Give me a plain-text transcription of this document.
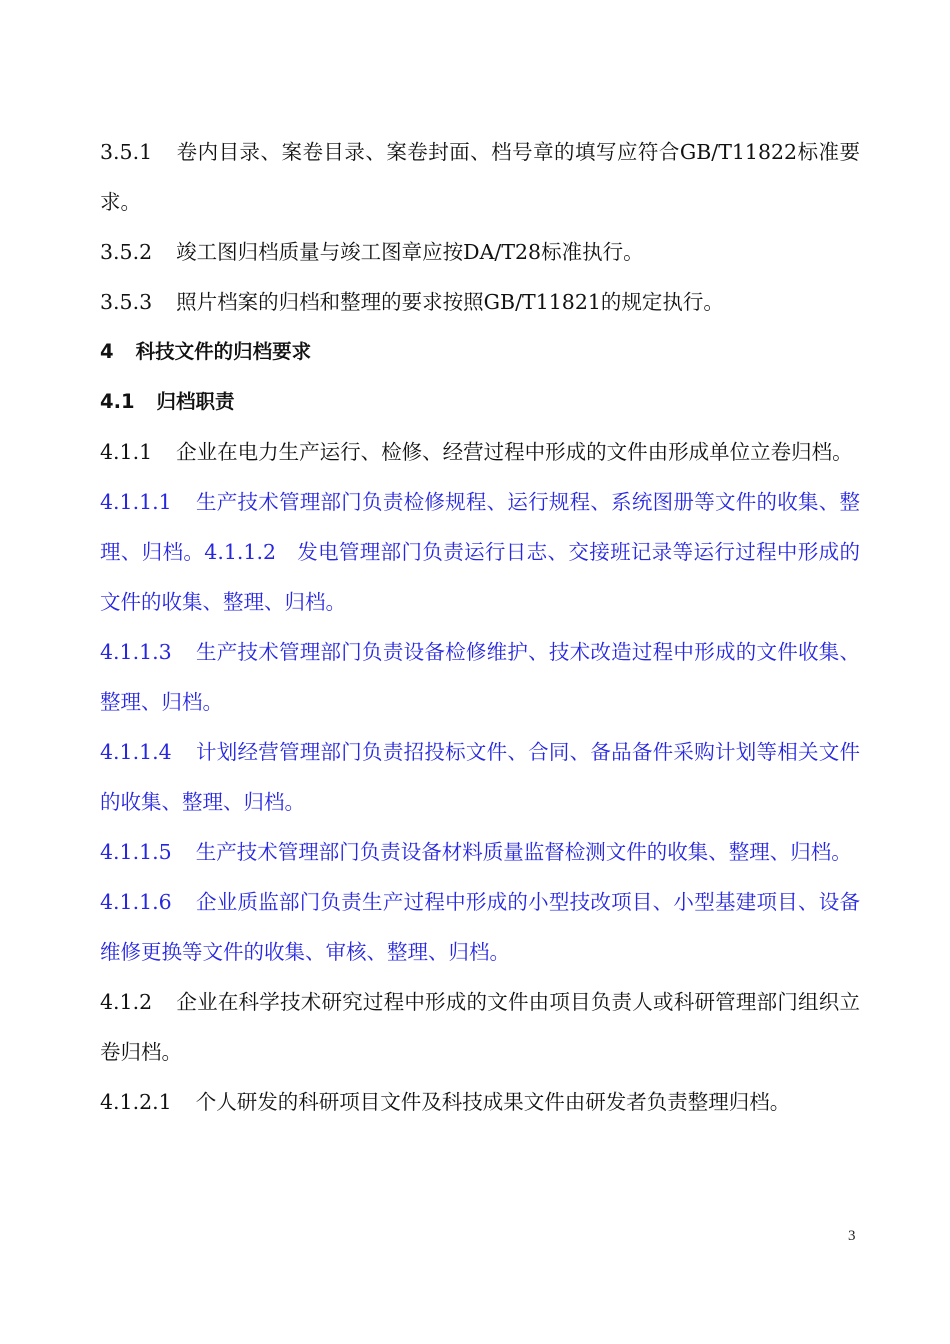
3.5.1 卷内目录、案卷目录、案卷封面、档号章的填写应符合GB/T11822标准要求。

3.5.2 竣工图归档质量与竣工图章应按DA/T28标准执行。

3.5.3 照片档案的归档和整理的要求按照GB/T11821的规定执行。

4 科技文件的归档要求

4.1 归档职责

4.1.1 企业在电力生产运行、检修、经营过程中形成的文件由形成单位立卷归档。

4.1.1.1 生产技术管理部门负责检修规程、运行规程、系统图册等文件的收集、整理、归档。4.1.1.2　发电管理部门负责运行日志、交接班记录等运行过程中形成的文件的收集、整理、归档。

4.1.1.3 生产技术管理部门负责设备检修维护、技术改造过程中形成的文件收集、整理、归档。

4.1.1.4 计划经营管理部门负责招投标文件、合同、备品备件采购计划等相关文件的收集、整理、归档。

4.1.1.5 生产技术管理部门负责设备材料质量监督检测文件的收集、整理、归档。

4.1.1.6 企业质监部门负责生产过程中形成的小型技改项目、小型基建项目、设备维修更换等文件的收集、审核、整理、归档。

4.1.2 企业在科学技术研究过程中形成的文件由项目负责人或科研管理部门组织立卷归档。

4.1.2.1 个人研发的科研项目文件及科技成果文件由研发者负责整理归档。

3
